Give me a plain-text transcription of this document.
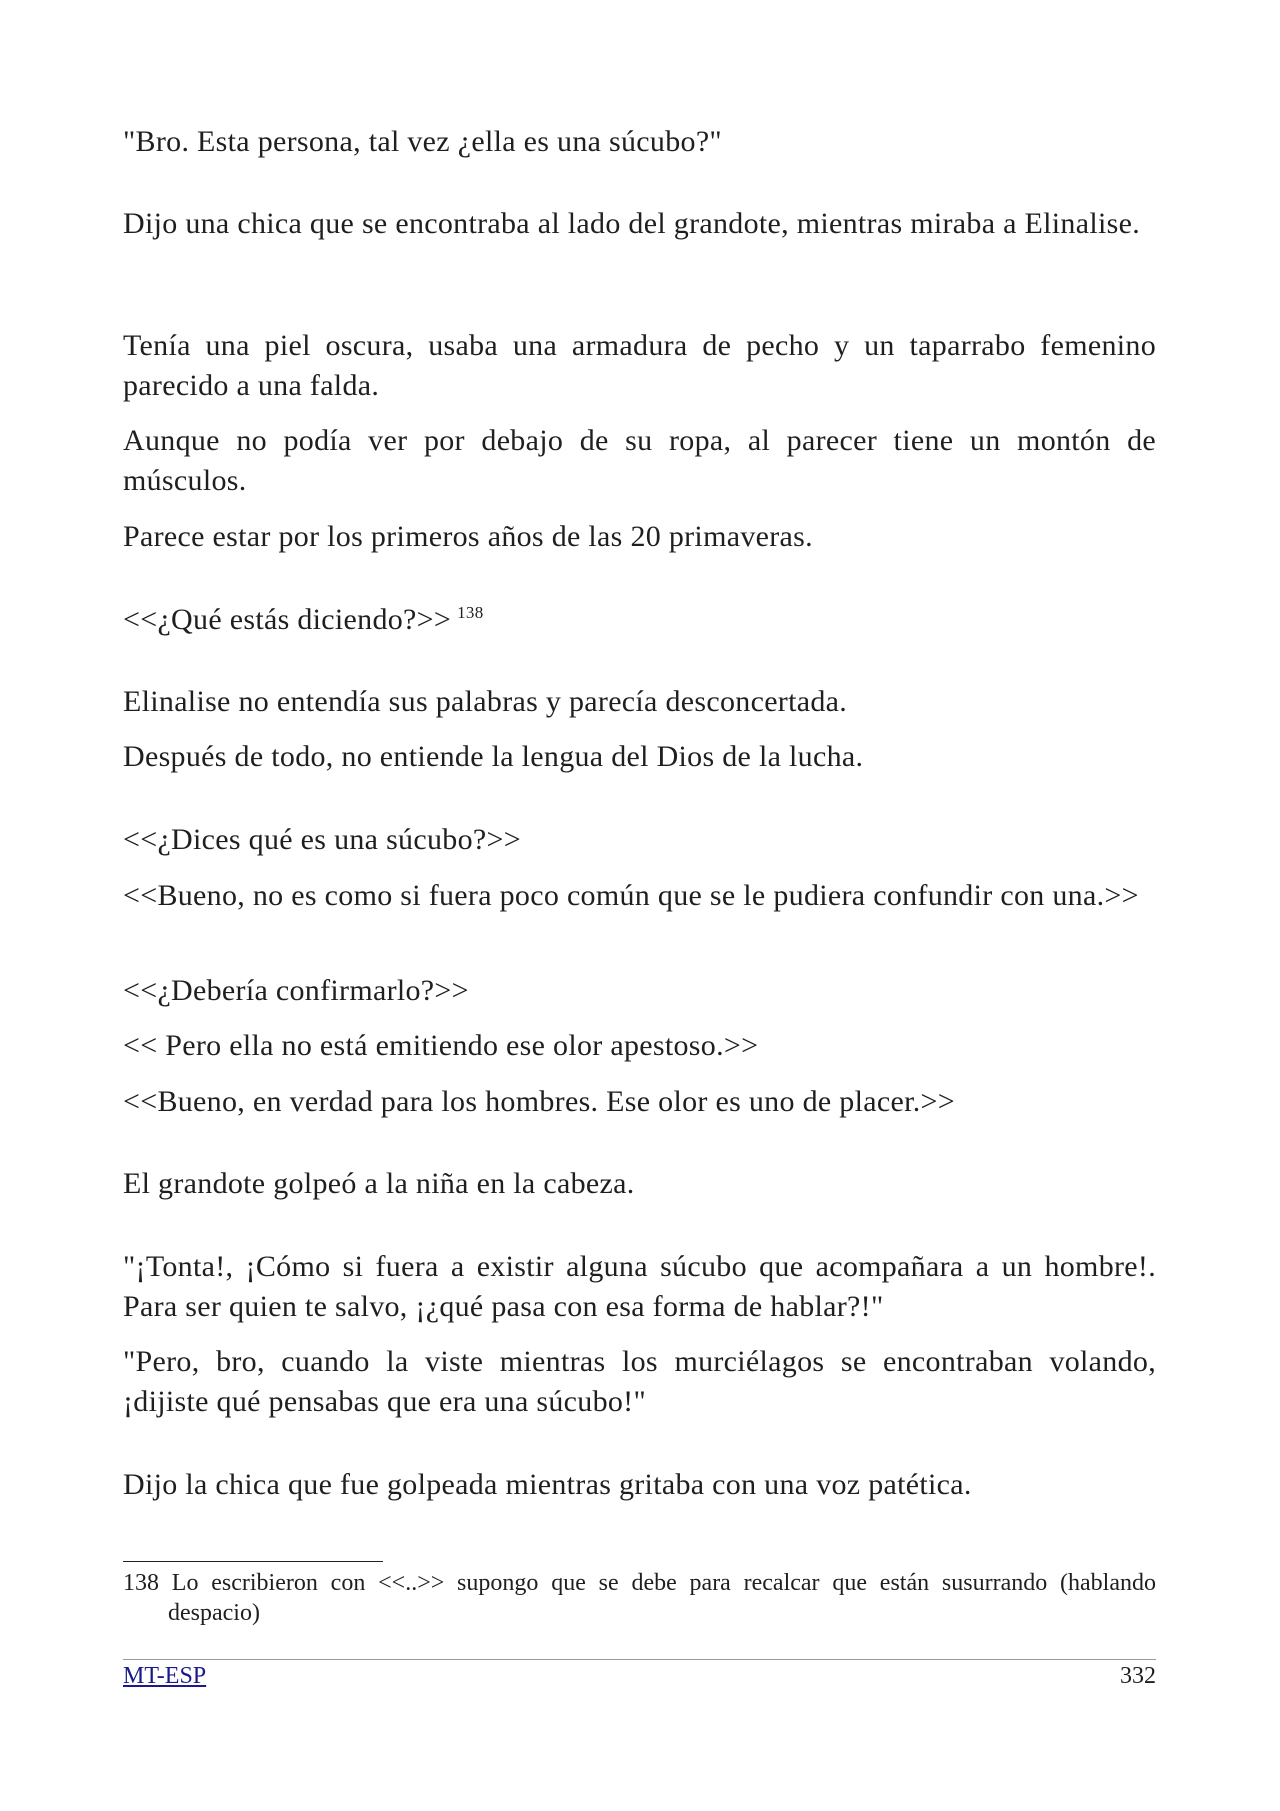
"Bro. Esta persona, tal vez ¿ella es una súcubo?"

Dijo una chica que se encontraba al lado del grandote, mientras miraba a Elinalise.

Tenía una piel oscura, usaba una armadura de pecho y un taparrabo femenino parecido a una falda.

Aunque no podía ver por debajo de su ropa, al parecer tiene un montón de músculos.

Parece estar por los primeros años de las 20 primaveras.

<<¿Qué estás diciendo?>> $^{138}$

Elinalise no entendía sus palabras y parecía desconcertada.

Después de todo, no entiende la lengua del Dios de la lucha.

<<¿Dices qué es una súcubo?>>

<<Bueno, no es como si fuera poco común que se le pudiera confundir con una.>>

<<¿Debería confirmarlo?>>

<< Pero ella no está emitiendo ese olor apestoso.>>

<<Bueno, en verdad para los hombres. Ese olor es uno de placer.>>

El grandote golpeó a la niña en la cabeza.

"¡Tonta!, ¡Cómo si fuera a existir alguna súcubo que acompañara a un hombre!. Para ser quien te salvo, ¡¿qué pasa con esa forma de hablar?!"

"Pero, bro, cuando la viste mientras los murciélagos se encontraban volando, ¡dijiste qué pensabas que era una súcubo!"

Dijo la chica que fue golpeada mientras gritaba con una voz patética.

138 Lo escribieron con <<..>> supongo que se debe para recalcar que están susurrando (hablando despacio)
MT-ESP	332
